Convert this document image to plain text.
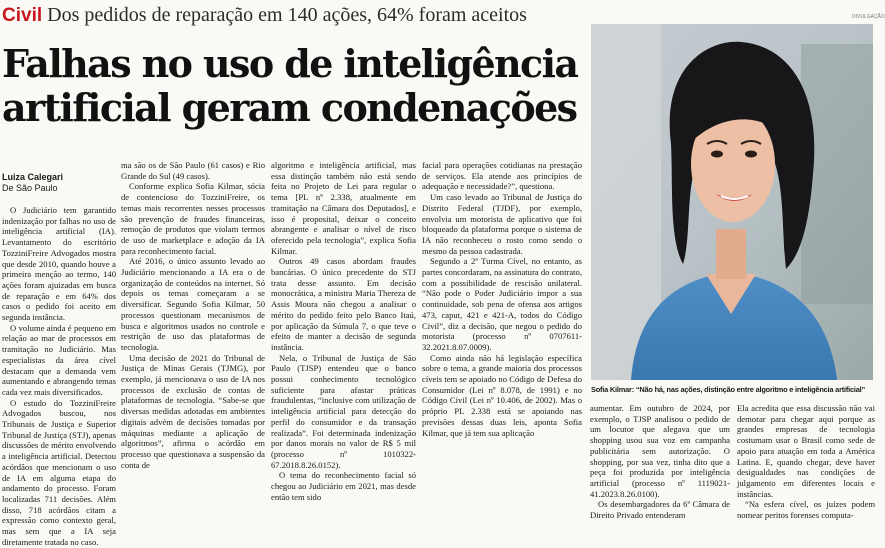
Civil Dos pedidos de reparação em 140 ações, 64% foram aceitos
Falhas no uso de inteligência artificial geram condenações
Luiza Calegari
De São Paulo

O Judiciário tem garantido indenização por falhas no uso de inteligência artificial (IA). Levantamento do escritório TozziniFreire Advogados mostra que desde 2010, quando houve a primeira menção ao termo, 140 ações foram ajuizadas em busca de reparação e em 64% dos casos o pedido foi aceito em segunda instância.

O volume ainda é pequeno em relação ao mar de processos em tramitação no Judiciário. Mas especialistas da área cível destacam que a demanda vem aumentando e abrangendo temas cada vez mais diversificados.

O estudo do TozziniFreire Advogados buscou, nos Tribunais de Justiça e Superior Tribunal de Justiça (STJ), apenas discussões de mérito envolvendo a inteligência artificial. Detectou acórdãos que mencionam o uso de IA em alguma etapa do andamento do processo. Foram localizadas 711 decisões. Além disso, 718 acórdãos citam a expressão como contexto geral, mas sem que a IA seja diretamente tratada no caso.

ma são os de São Paulo (61 casos) e Rio Grande do Sul (49 casos).

Conforme explica Sofia Kilmar, sócia de contencioso do TozziniFreire, os temas mais recorrentes nesses processos são prevenção de fraudes financeiras, remoção de produtos que violam termos de uso de marketplace e adoção da IA para reconhecimento facial.

Até 2016, o único assunto levado ao Judiciário mencionando a IA era o de organização de conteúdos na internet. Só depois os temas começaram a se diversificar. Segundo Sofia Kilmar, 50 processos questionam mecanismos de busca e algoritmos usados no controle e restrição de uso das plataformas de tecnologia.

Uma decisão de 2021 do Tribunal de Justiça de Minas Gerais (TJMG), por exemplo, já mencionava o uso de IA nos processos de exclusão de contas de plataformas de tecnologia. “Sabe-se que diversas medidas adotadas em ambientes digitais advém de decisões tomadas por máquinas mediante a aplicação de algoritmos”, afirma o acórdão em processo que questionava a suspensão da conta de

algoritmo e inteligência artificial, mas essa distinção também não está sendo feita no Projeto de Lei para regular o tema [PL nº 2.338, atualmente em tramitação na Câmara dos Deputados], e isso é proposital, deixar o conceito abrangente e analisar o nível de risco oferecido pela tecnologia”, explica Sofia Kilmar.

Outros 49 casos abordam fraudes bancárias. O único precedente do STJ trata desse assunto. Em decisão monocrática, a ministra Maria Thereza de Assis Moura não chegou a analisar o mérito do pedido feito pelo Banco Itaú, por aplicação da Súmula 7, o que teve o efeito de manter a decisão de segunda instância.

Nela, o Tribunal de Justiça de São Paulo (TJSP) entendeu que o banco possui conhecimento tecnológico suficiente para afastar práticas fraudulentas, “inclusive com utilização de inteligência artificial para detecção do perfil do consumidor e da transação realizada”. Foi determinada indenização por danos morais no valor de R$ 5 mil (processo nº 1010322-67.2018.8.26.0152).

O tema do reconhecimento facial só chegou ao Judiciário em 2021, mas desde então tem sido

facial para operações cotidianas na prestação de serviços. Ela atende aos princípios de adequação e necessidade?”, questiona.

Um caso levado ao Tribunal de Justiça do Distrito Federal (TJDF), por exemplo, envolvia um motorista de aplicativo que foi bloqueado da plataforma porque o sistema de IA não reconheceu o rosto como sendo o mesmo da pessoa cadastrada.

Segundo a 2ª Turma Cível, no entanto, as partes concordaram, na assinatura do contrato, com a possibilidade de rescisão unilateral. “Não pode o Poder Judiciário impor a sua continuidade, sob pena de ofensa aos artigos 473, caput, 421 e 421-A, todos do Código Civil”, diz a decisão, que negou o pedido do motorista (processo nº 0707611-32.2021.8.07.0009).

Como ainda não há legislação específica sobre o tema, a grande maioria dos processos cíveis tem se apoiado no Código de Defesa do Consumidor (Lei nº 8.078, de 1991) e no Código Civil (Lei nº 10.406, de 2002). Mas o próprio PL 2.338 está se apoiando nas previsões dessas duas leis, aponta Sofia Kilmar, que já tem sua aplicação

aumentar. Em outubro de 2024, por exemplo, o TJSP analisou o pedido de um locutor que alegava que um shopping usou sua voz em campanha publicitária sem autorização. O shopping, por sua vez, tinha dito que a peça foi produzida por inteligência artificial (processo nº 1119021-41.2023.8.26.0100).

Os desembargadores da 6ª Câmara de Direito Privado entenderam

Ela acredita que essa discussão não vai demorar para chegar aqui porque as grandes empresas de tecnologia costumam usar o Brasil como sede de apoio para atuação em toda a América Latina. E, quando chegar, deve haver desigualdades nas condições de julgamento em diferentes locais e instâncias.

“Na esfera cível, os juízes podem nomear peritos forenses computa-

DIVULGAÇÃO
Sofia Kilmar: “Não há, nas ações, distinção entre algoritmo e inteligência artificial”
